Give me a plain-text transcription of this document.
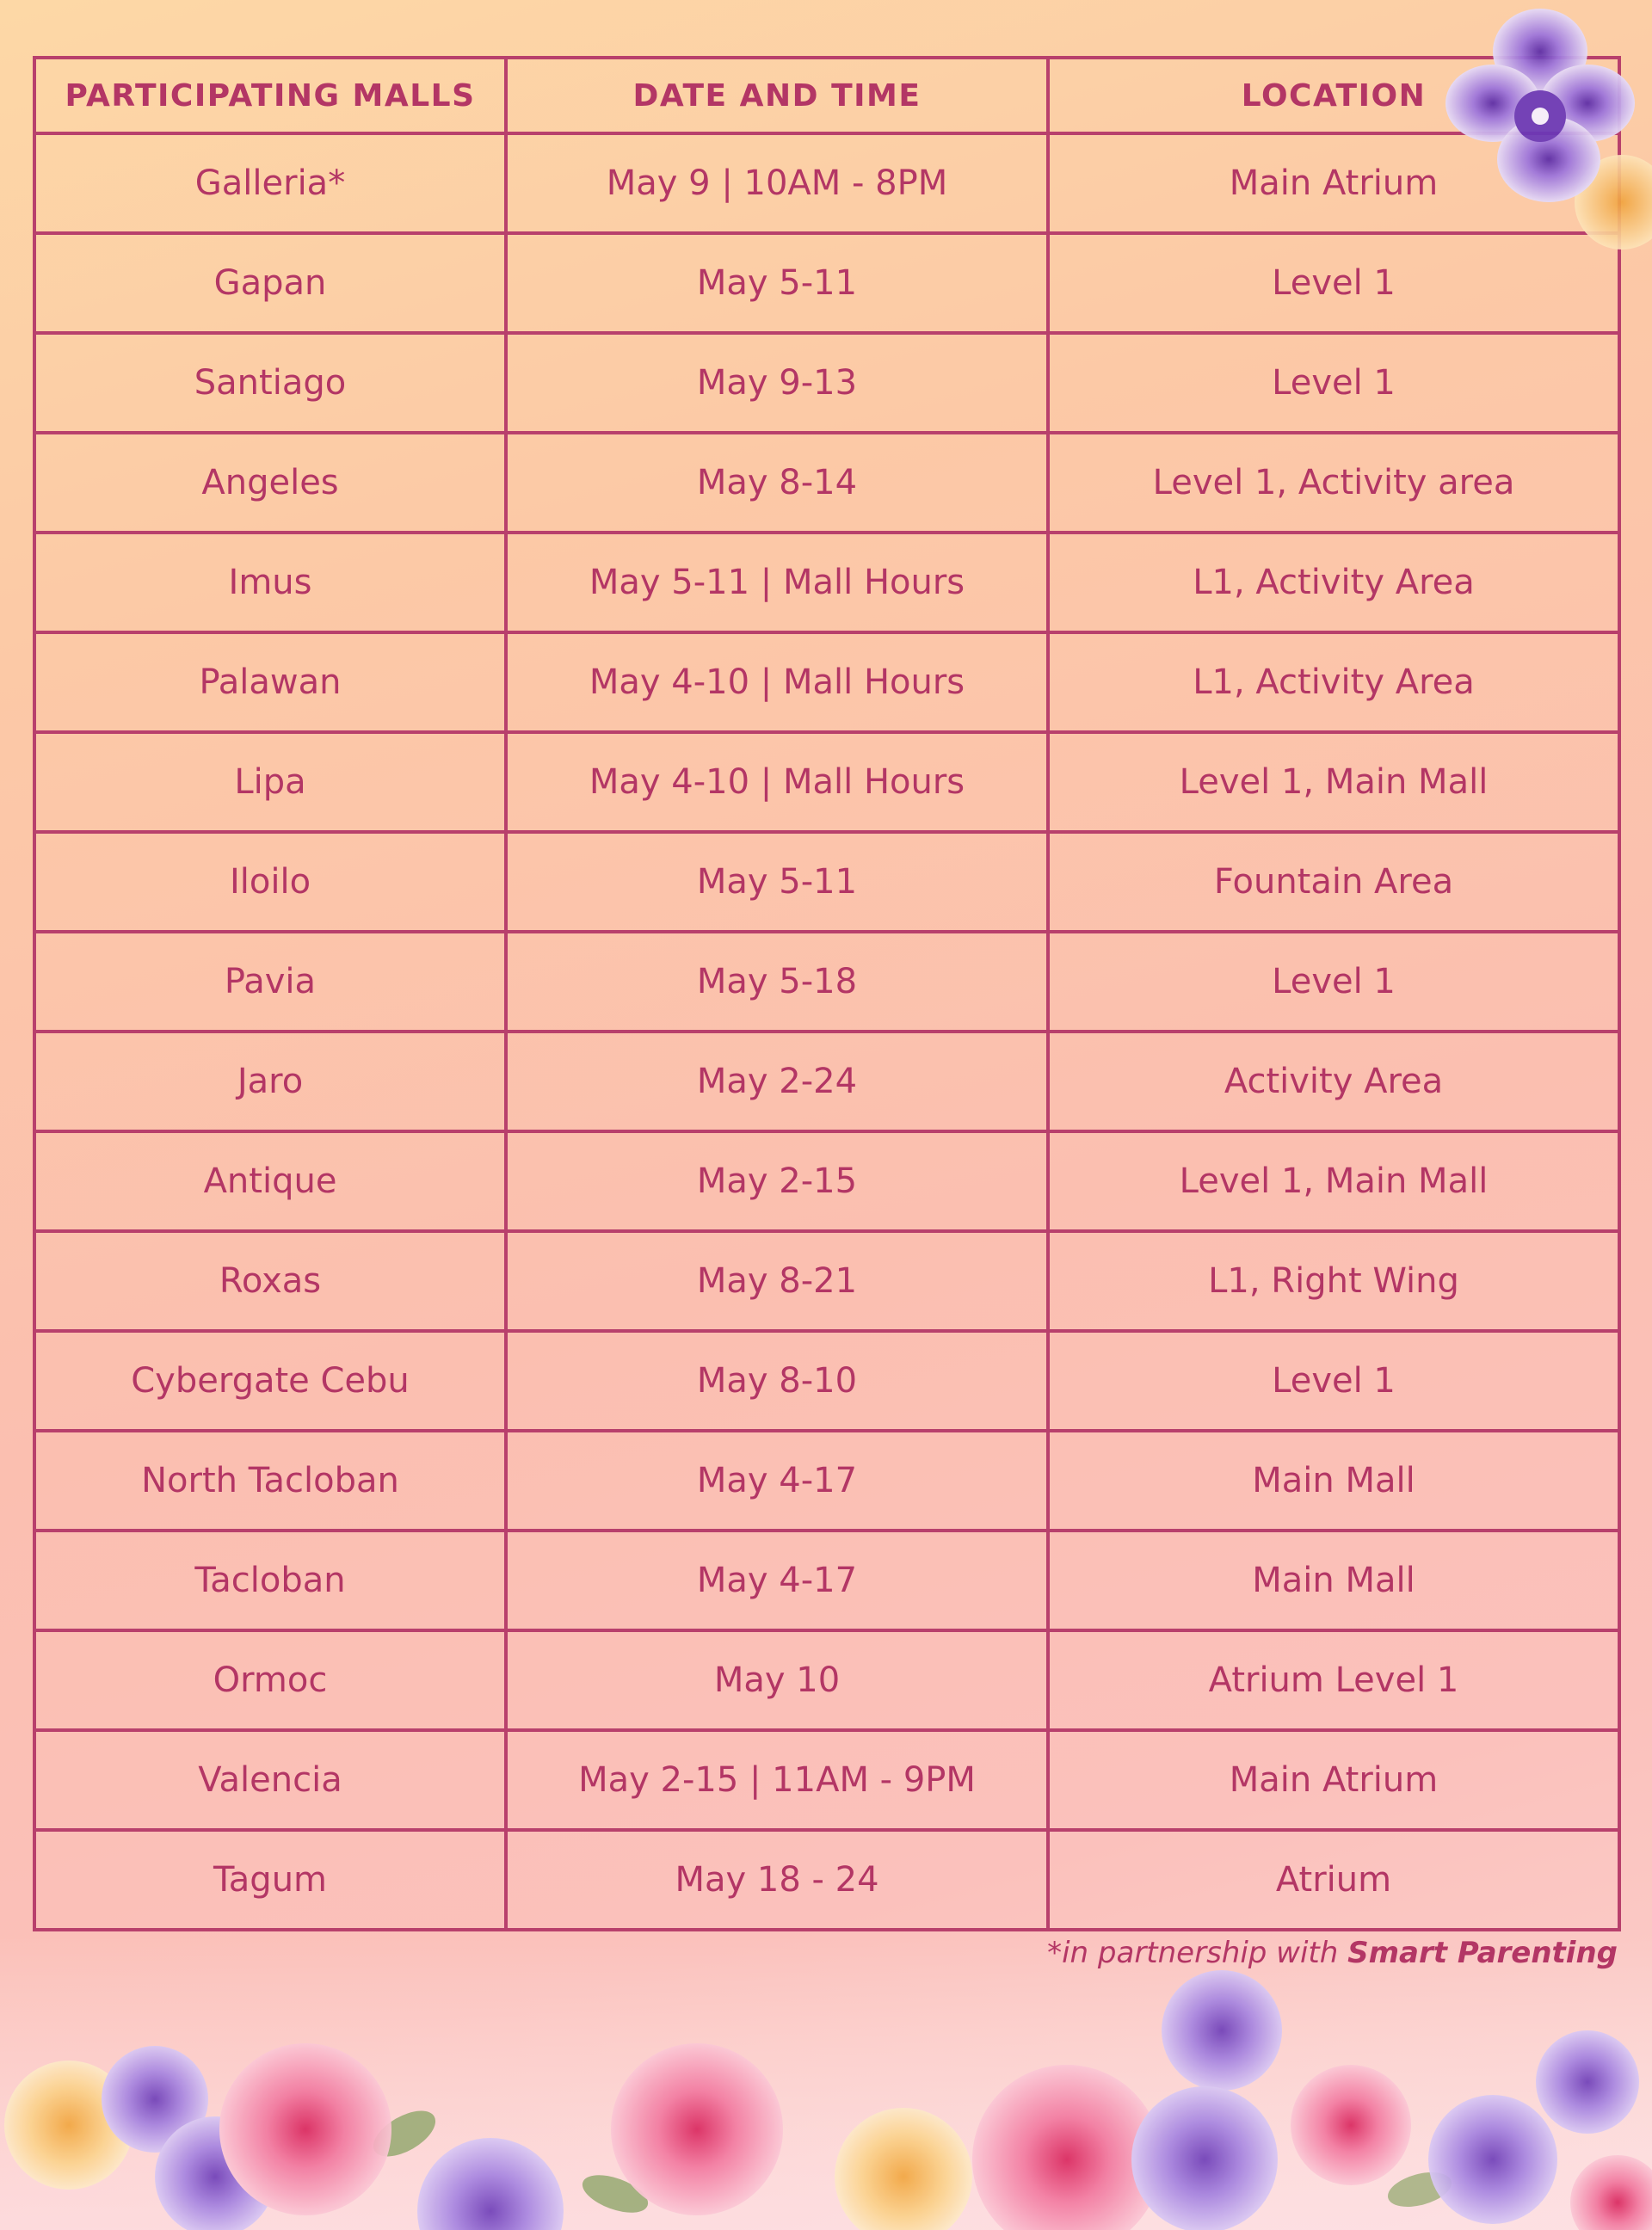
PARTICIPATING MALLS	DATE AND TIME	LOCATION
Galleria*	May 9 | 10AM - 8PM	Main Atrium
Gapan	May 5-11	Level 1
Santiago	May 9-13	Level 1
Angeles	May 8-14	Level 1, Activity area
Imus	May 5-11 | Mall Hours	L1, Activity Area
Palawan	May 4-10 | Mall Hours	L1, Activity Area
Lipa	May 4-10 | Mall Hours	Level 1, Main Mall
Iloilo	May 5-11	Fountain Area
Pavia	May 5-18	Level 1
Jaro	May 2-24	Activity Area
Antique	May 2-15	Level 1, Main Mall
Roxas	May 8-21	L1, Right Wing
Cybergate Cebu	May 8-10	Level 1
North Tacloban	May 4-17	Main Mall
Tacloban	May 4-17	Main Mall
Ormoc	May 10	Atrium Level 1
Valencia	May 2-15 | 11AM - 9PM	Main Atrium
Tagum	May 18 - 24	Atrium
*in partnership with Smart Parenting
